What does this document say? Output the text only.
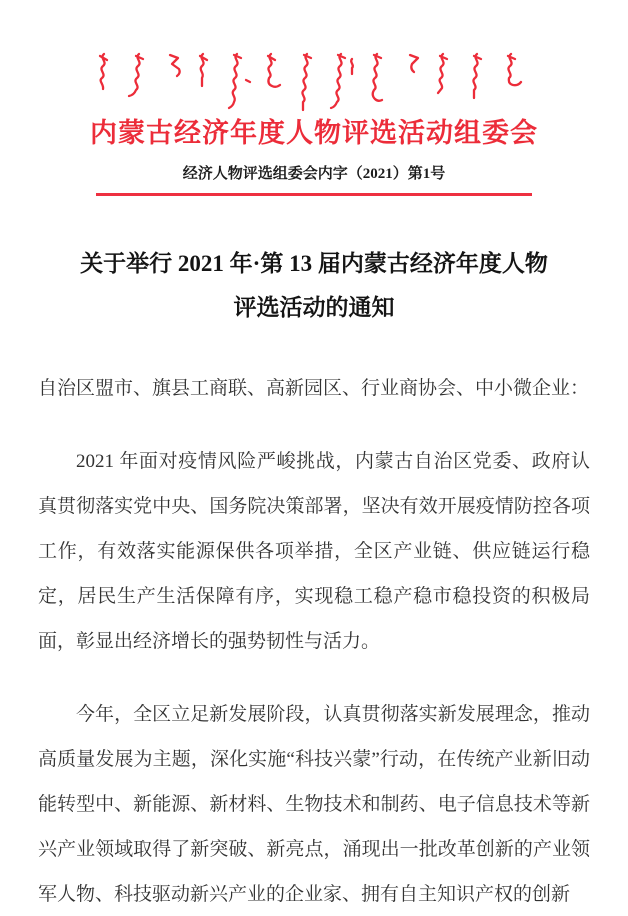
内蒙古经济年度人物评选活动组委会
经济人物评选组委会内字（2021）第1号
关于举行 2021 年·第 13 届内蒙古经济年度人物
评选活动的通知

自治区盟市、旗县工商联、高新园区、行业商协会、中小微企业：

2021 年面对疫情风险严峻挑战，内蒙古自治区党委、政府认真贯彻落实党中央、国务院决策部署，坚决有效开展疫情防控各项工作，有效落实能源保供各项举措，全区产业链、供应链运行稳定，居民生产生活保障有序，实现稳工稳产稳市稳投资的积极局面，彰显出经济增长的强势韧性与活力。

今年，全区立足新发展阶段，认真贯彻落实新发展理念，推动高质量发展为主题，深化实施“科技兴蒙”行动，在传统产业新旧动能转型中、新能源、新材料、生物技术和制药、电子信息技术等新兴产业领域取得了新突破、新亮点，涌现出一批改革创新的产业领军人物、科技驱动新兴产业的企业家、拥有自主知识产权的创新
